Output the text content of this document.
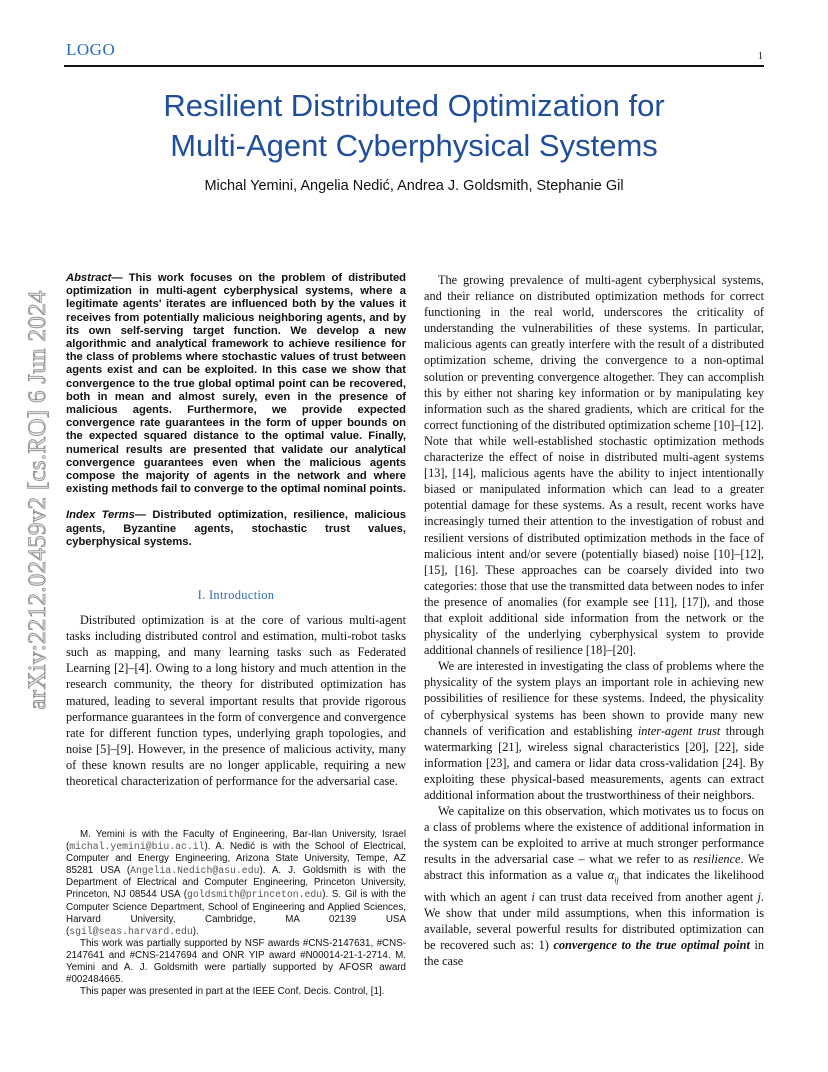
LOGO	1
Resilient Distributed Optimization for
Multi-Agent Cyberphysical Systems
Michal Yemini, Angelia Nedić, Andrea J. Goldsmith, Stephanie Gil
arXiv:2212.02459v2 [cs.RO] 6 Jun 2024

Abstract— This work focuses on the problem of distributed optimization in multi-agent cyberphysical systems, where a legitimate agents' iterates are influenced both by the values it receives from potentially malicious neighboring agents, and by its own self-serving target function. We develop a new algorithmic and analytical framework to achieve resilience for the class of problems where stochastic values of trust between agents exist and can be exploited. In this case we show that convergence to the true global optimal point can be recovered, both in mean and almost surely, even in the presence of malicious agents. Furthermore, we provide expected convergence rate guarantees in the form of upper bounds on the expected squared distance to the optimal value. Finally, numerical results are presented that validate our analytical convergence guarantees even when the malicious agents compose the majority of agents in the network and where existing methods fail to converge to the optimal nominal points.

Index Terms— Distributed optimization, resilience, malicious agents, Byzantine agents, stochastic trust values, cyberphysical systems.

I. Introduction

Distributed optimization is at the core of various multi-agent tasks including distributed control and estimation, multi-robot tasks such as mapping, and many learning tasks such as Federated Learning [2]–[4]. Owing to a long history and much attention in the research community, the theory for distributed optimization has matured, leading to several important results that provide rigorous performance guarantees in the form of convergence and convergence rate for different function types, underlying graph topologies, and noise [5]–[9]. However, in the presence of malicious activity, many of these known results are no longer applicable, requiring a new theoretical characterization of performance for the adversarial case.

M. Yemini is with the Faculty of Engineering, Bar-Ilan University, Israel (michal.yemini@biu.ac.il). A. Nedić is with the School of Electrical, Computer and Energy Engineering, Arizona State University, Tempe, AZ 85281 USA (Angelia.Nedich@asu.edu). A. J. Goldsmith is with the Department of Electrical and Computer Engineering, Princeton University, Princeton, NJ 08544 USA (goldsmith@princeton.edu). S. Gil is with the Computer Science Department, School of Engineering and Applied Sciences, Harvard University, Cambridge, MA 02139 USA (sgil@seas.harvard.edu).

This work was partially supported by NSF awards #CNS-2147631, #CNS-2147641 and #CNS-2147694 and ONR YIP award #N00014-21-1-2714. M. Yemini and A. J. Goldsmith were partially supported by AFOSR award #002484665.

This paper was presented in part at the IEEE Conf. Decis. Control, [1].

The growing prevalence of multi-agent cyberphysical systems, and their reliance on distributed optimization methods for correct functioning in the real world, underscores the criticality of understanding the vulnerabilities of these systems. In particular, malicious agents can greatly interfere with the result of a distributed optimization scheme, driving the convergence to a non-optimal solution or preventing convergence altogether. They can accomplish this by either not sharing key information or by manipulating key information such as the shared gradients, which are critical for the correct functioning of the distributed optimization scheme [10]–[12]. Note that while well-established stochastic optimization methods characterize the effect of noise in distributed multi-agent systems [13], [14], malicious agents have the ability to inject intentionally biased or manipulated information which can lead to a greater potential damage for these systems. As a result, recent works have increasingly turned their attention to the investigation of robust and resilient versions of distributed optimization methods in the face of malicious intent and/or severe (potentially biased) noise [10]–[12], [15], [16]. These approaches can be coarsely divided into two categories: those that use the transmitted data between nodes to infer the presence of anomalies (for example see [11], [17]), and those that exploit additional side information from the network or the physicality of the underlying cyberphysical system to provide additional channels of resilience [18]–[20].

We are interested in investigating the class of problems where the physicality of the system plays an important role in achieving new possibilities of resilience for these systems. Indeed, the physicality of cyberphysical systems has been shown to provide many new channels of verification and establishing inter-agent trust through watermarking [21], wireless signal characteristics [20], [22], side information [23], and camera or lidar data cross-validation [24]. By exploiting these physical-based measurements, agents can extract additional information about the trustworthiness of their neighbors.

We capitalize on this observation, which motivates us to focus on a class of problems where the existence of additional information in the system can be exploited to arrive at much stronger performance results in the adversarial case – what we refer to as resilience. We abstract this information as a value $\alpha_{ij}$ that indicates the likelihood with which an agent i can trust data received from another agent j. We show that under mild assumptions, when this information is available, several powerful results for distributed optimization can be recovered such as: 1) convergence to the true optimal point in the case
